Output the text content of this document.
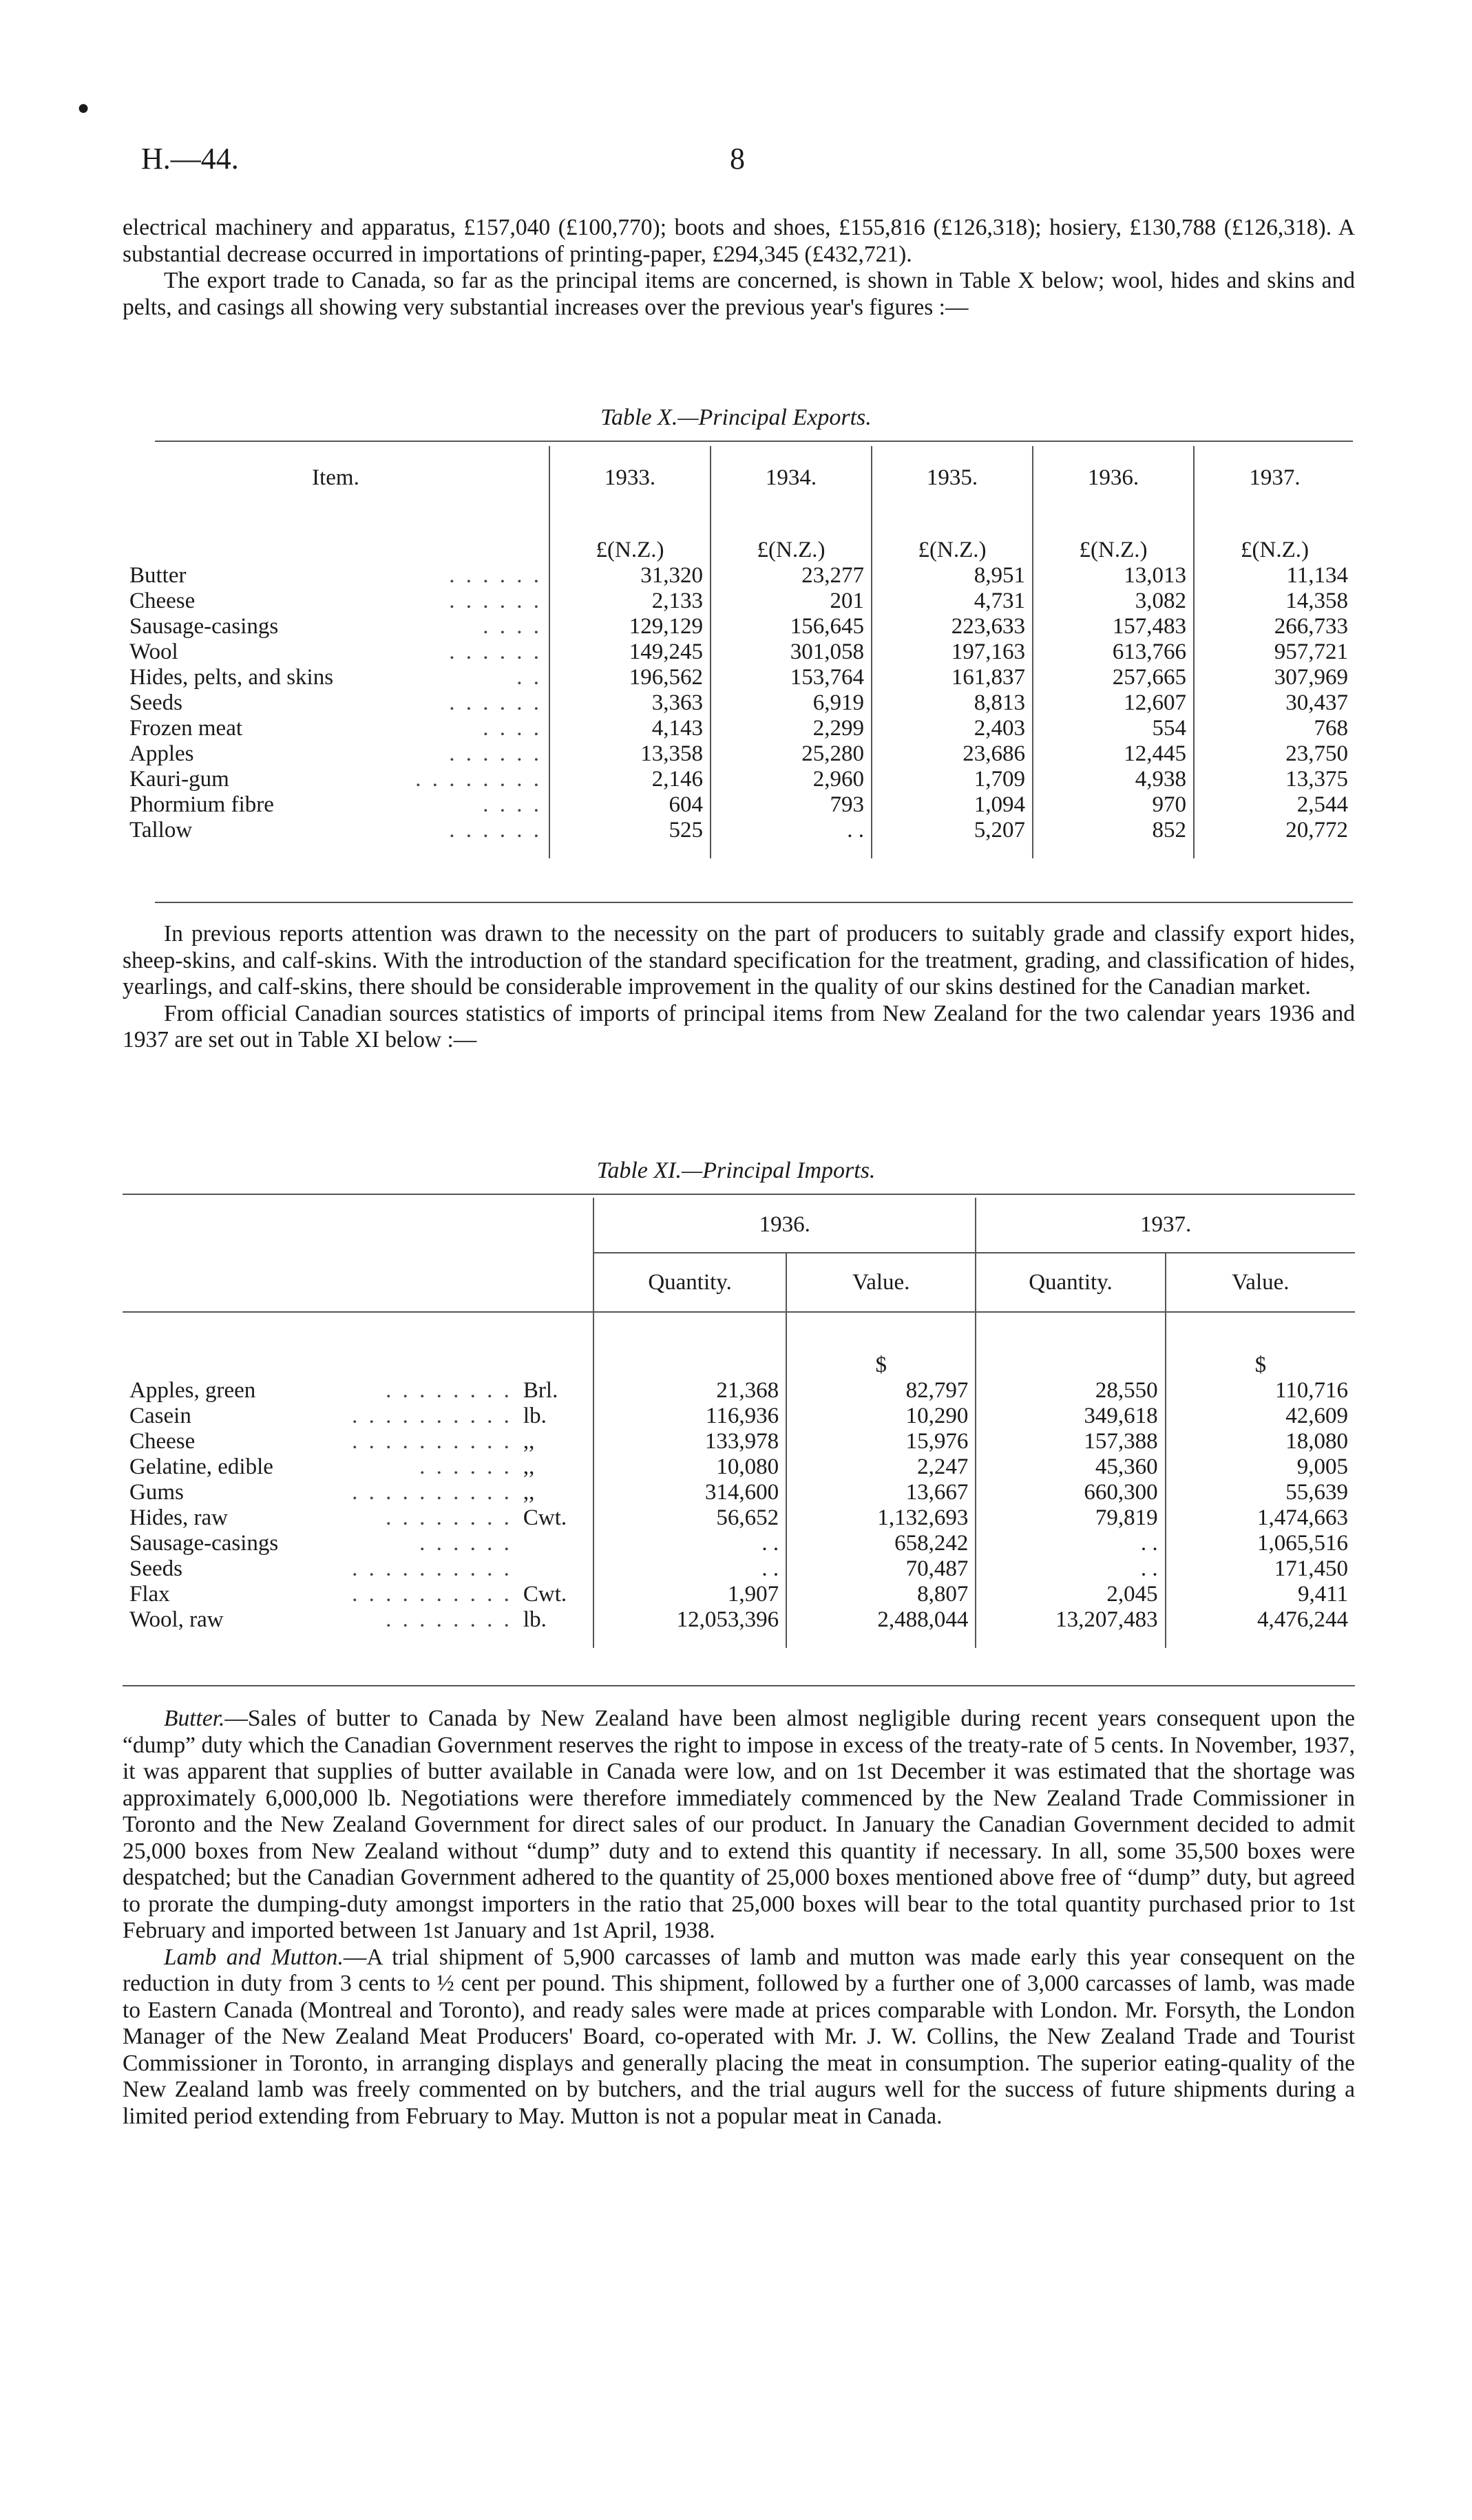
●
H.—44.	8

electrical machinery and apparatus, £157,040 (£100,770); boots and shoes, £155,816 (£126,318); hosiery, £130,788 (£126,318). A substantial decrease occurred in importations of printing-paper, £294,345 (£432,721).

The export trade to Canada, so far as the principal items are concerned, is shown in Table X below; wool, hides and skins and pelts, and casings all showing very substantial increases over the previous year's figures :—

Table X.—Principal Exports.
Item.	1933.	1934.	1935.	1936.	1937.
	£(N.Z.)	£(N.Z.)	£(N.Z.)	£(N.Z.)	£(N.Z.)
Butter . . . . . .	31,320	23,277	8,951	13,013	11,134
Cheese . . . . . .	2,133	201	4,731	3,082	14,358
Sausage-casings . . . .	129,129	156,645	223,633	157,483	266,733
Wool . . . . . .	149,245	301,058	197,163	613,766	957,721
Hides, pelts, and skins . .	196,562	153,764	161,837	257,665	307,969
Seeds . . . . . .	3,363	6,919	8,813	12,607	30,437
Frozen meat . . . .	4,143	2,299	2,403	554	768
Apples . . . . . .	13,358	25,280	23,686	12,445	23,750
Kauri-gum . . . . . . . .	2,146	2,960	1,709	4,938	13,375
Phormium fibre . . . .	604	793	1,094	970	2,544
Tallow . . . . . .	525	. .	5,207	852	20,772

In previous reports attention was drawn to the necessity on the part of producers to suitably grade and classify export hides, sheep-skins, and calf-skins. With the introduction of the standard specification for the treatment, grading, and classification of hides, yearlings, and calf-skins, there should be considerable improvement in the quality of our skins destined for the Canadian market.

From official Canadian sources statistics of imports of principal items from New Zealand for the two calendar years 1936 and 1937 are set out in Table XI below :—

Table XI.—Principal Imports.
		1936.		1937.	
		Quantity.	Value.	Quantity.	Value.
			$		$
Apples, green . . . . . . . .	Brl.	21,368	82,797	28,550	110,716
Casein . . . . . . . . . .	lb.	116,936	10,290	349,618	42,609
Cheese . . . . . . . . . .	,,	133,978	15,976	157,388	18,080
Gelatine, edible . . . . . .	,,	10,080	2,247	45,360	9,005
Gums . . . . . . . . . .	,,	314,600	13,667	660,300	55,639
Hides, raw . . . . . . . .	Cwt.	56,652	1,132,693	79,819	1,474,663
Sausage-casings . . . . . .		. .	658,242	. .	1,065,516
Seeds . . . . . . . . . .		. .	70,487	. .	171,450
Flax . . . . . . . . . .	Cwt.	1,907	8,807	2,045	9,411
Wool, raw . . . . . . . .	lb.	12,053,396	2,488,044	13,207,483	4,476,244

Butter.—Sales of butter to Canada by New Zealand have been almost negligible during recent years consequent upon the “dump” duty which the Canadian Government reserves the right to impose in excess of the treaty-rate of 5 cents. In November, 1937, it was apparent that supplies of butter available in Canada were low, and on 1st December it was estimated that the shortage was approximately 6,000,000 lb. Negotiations were therefore immediately commenced by the New Zealand Trade Commissioner in Toronto and the New Zealand Government for direct sales of our product. In January the Canadian Government decided to admit 25,000 boxes from New Zealand without “dump” duty and to extend this quantity if necessary. In all, some 35,500 boxes were despatched; but the Canadian Government adhered to the quantity of 25,000 boxes mentioned above free of “dump” duty, but agreed to prorate the dumping-duty amongst importers in the ratio that 25,000 boxes will bear to the total quantity purchased prior to 1st February and imported between 1st January and 1st April, 1938.

Lamb and Mutton.—A trial shipment of 5,900 carcasses of lamb and mutton was made early this year consequent on the reduction in duty from 3 cents to ½ cent per pound. This shipment, followed by a further one of 3,000 carcasses of lamb, was made to Eastern Canada (Montreal and Toronto), and ready sales were made at prices comparable with London. Mr. Forsyth, the London Manager of the New Zealand Meat Producers' Board, co-operated with Mr. J. W. Collins, the New Zealand Trade and Tourist Commissioner in Toronto, in arranging displays and generally placing the meat in consumption. The superior eating-quality of the New Zealand lamb was freely commented on by butchers, and the trial augurs well for the success of future shipments during a limited period extending from February to May. Mutton is not a popular meat in Canada.
